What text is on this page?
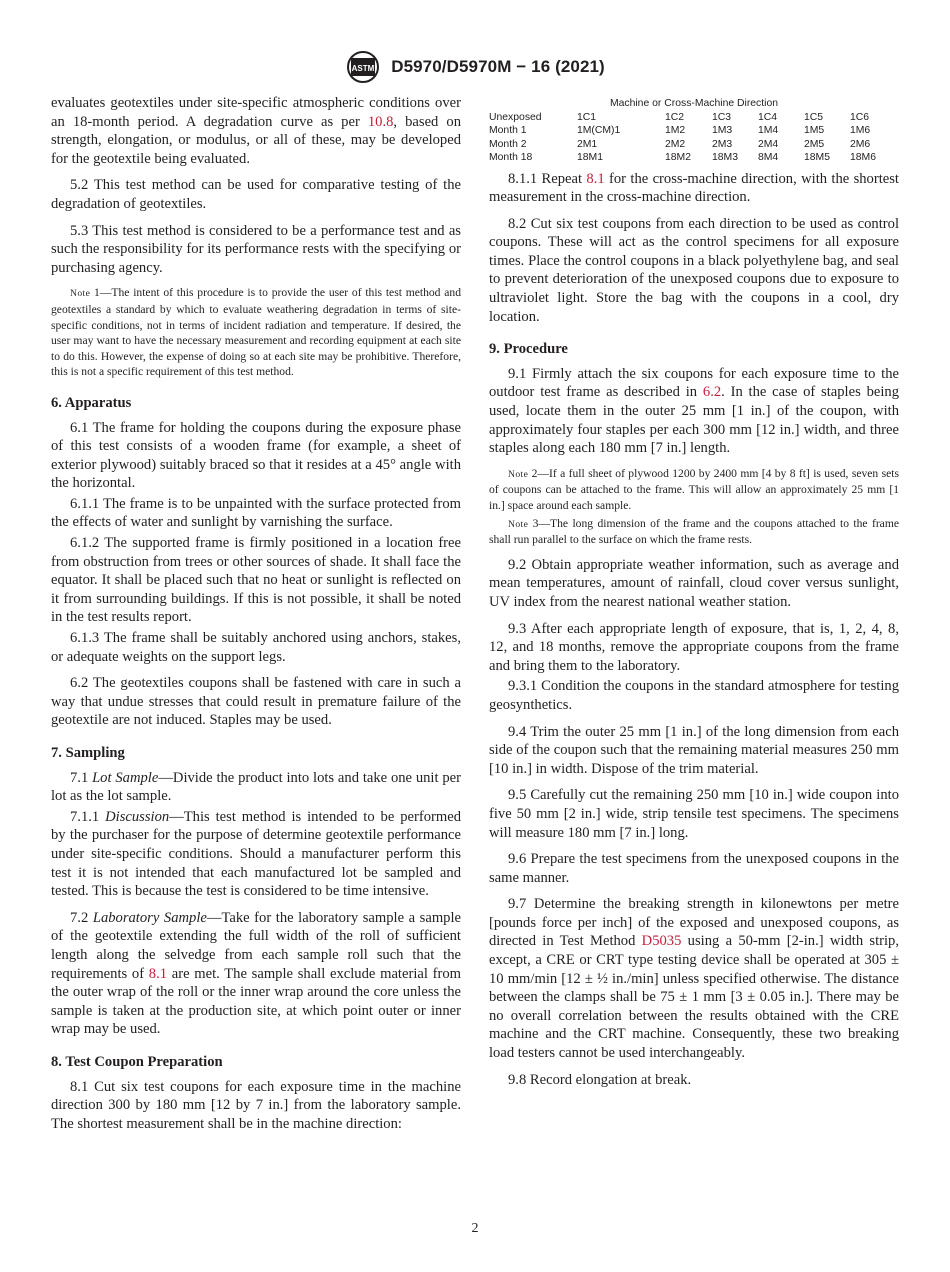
ASTM D5970/D5970M − 16 (2021)

evaluates geotextiles under site-specific atmospheric conditions over an 18-month period. A degradation curve as per 10.8, based on strength, elongation, or modulus, or all of these, may be developed for the geotextile being evaluated.

5.2 This test method can be used for comparative testing of the degradation of geotextiles.

5.3 This test method is considered to be a performance test and as such the responsibility for its performance rests with the specifying or purchasing agency.

Note 1—The intent of this procedure is to provide the user of this test method and geotextiles a standard by which to evaluate weathering degradation in terms of site-specific conditions, not in terms of incident radiation and temperature. If desired, the user may want to have the necessary measurement and recording equipment at each site to do this. However, the expense of doing so at each site may be prohibitive. Therefore, this is not a specific requirement of this test method.
6. Apparatus

6.1 The frame for holding the coupons during the exposure phase of this test consists of a wooden frame (for example, a sheet of exterior plywood) suitably braced so that it resides at a 45° angle with the horizontal.

6.1.1 The frame is to be unpainted with the surface protected from the effects of water and sunlight by varnishing the surface.

6.1.2 The supported frame is firmly positioned in a location free from obstruction from trees or other sources of shade. It shall face the equator. It shall be placed such that no heat or sunlight is reflected on it from surrounding buildings. If this is not possible, it shall be noted in the test results report.

6.1.3 The frame shall be suitably anchored using anchors, stakes, or adequate weights on the support legs.

6.2 The geotextiles coupons shall be fastened with care in such a way that undue stresses that could result in premature failure of the geotextile are not induced. Staples may be used.

7. Sampling

7.1 Lot Sample—Divide the product into lots and take one unit per lot as the lot sample.

7.1.1 Discussion—This test method is intended to be performed by the purchaser for the purpose of determine geotextile performance under site-specific conditions. Should a manufacturer perform this test it is not intended that each manufactured lot be sampled and tested. This is because the test is considered to be time intensive.

7.2 Laboratory Sample—Take for the laboratory sample a sample of the geotextile extending the full width of the roll of sufficient length along the selvedge from each sample roll such that the requirements of 8.1 are met. The sample shall exclude material from the outer wrap of the roll or the inner wrap around the core unless the sample is taken at the production site, at which point outer or inner wrap may be used.

8. Test Coupon Preparation

8.1 Cut six test coupons for each exposure time in the machine direction 300 by 180 mm [12 by 7 in.] from the laboratory sample. The shortest measurement shall be in the machine direction:

Machine or Cross-Machine Direction						
Unexposed	1C1	1C2	1C3	1C4	1C5	1C6
Month 1	1M(CM)1	1M2	1M3	1M4	1M5	1M6
Month 2	2M1	2M2	2M3	2M4	2M5	2M6
Month 18	18M1	18M2	18M3	8M4	18M5	18M6

8.1.1 Repeat 8.1 for the cross-machine direction, with the shortest measurement in the cross-machine direction.

8.2 Cut six test coupons from each direction to be used as control coupons. These will act as the control specimens for all exposure times. Place the control coupons in a black polyethylene bag, and seal to prevent deterioration of the unexposed coupons due to exposure to ultraviolet light. Store the bag with the coupons in a cool, dry location.

9. Procedure

9.1 Firmly attach the six coupons for each exposure time to the outdoor test frame as described in 6.2. In the case of staples being used, locate them in the outer 25 mm [1 in.] of the coupon, with approximately four staples per each 300 mm [12 in.] width, and three staples along each 180 mm [7 in.] length.

Note 2—If a full sheet of plywood 1200 by 2400 mm [4 by 8 ft] is used, seven sets of coupons can be attached to the frame. This will allow an approximately 25 mm [1 in.] space around each sample.
Note 3—The long dimension of the frame and the coupons attached to the frame shall run parallel to the surface on which the frame rests.

9.2 Obtain appropriate weather information, such as average and mean temperatures, amount of rainfall, cloud cover versus sunlight, UV index from the nearest national weather station.

9.3 After each appropriate length of exposure, that is, 1, 2, 4, 8, 12, and 18 months, remove the appropriate coupons from the frame and bring them to the laboratory.

9.3.1 Condition the coupons in the standard atmosphere for testing geosynthetics.

9.4 Trim the outer 25 mm [1 in.] of the long dimension from each side of the coupon such that the remaining material measures 250 mm [10 in.] in width. Dispose of the trim material.

9.5 Carefully cut the remaining 250 mm [10 in.] wide coupon into five 50 mm [2 in.] wide, strip tensile test specimens. The specimens will measure 180 mm [7 in.] long.

9.6 Prepare the test specimens from the unexposed coupons in the same manner.

9.7 Determine the breaking strength in kilonewtons per metre [pounds force per inch] of the exposed and unexposed coupons, as directed in Test Method D5035 using a 50-mm [2-in.] width strip, except, a CRE or CRT type testing device shall be operated at 305 ± 10 mm/min [12 ± ½ in./min] unless specified otherwise. The distance between the clamps shall be 75 ± 1 mm [3 ± 0.05 in.]. There may be no overall correlation between the results obtained with the CRE machine and the CRT machine. Consequently, these two breaking load testers cannot be used interchangeably.

9.8 Record elongation at break.

2
